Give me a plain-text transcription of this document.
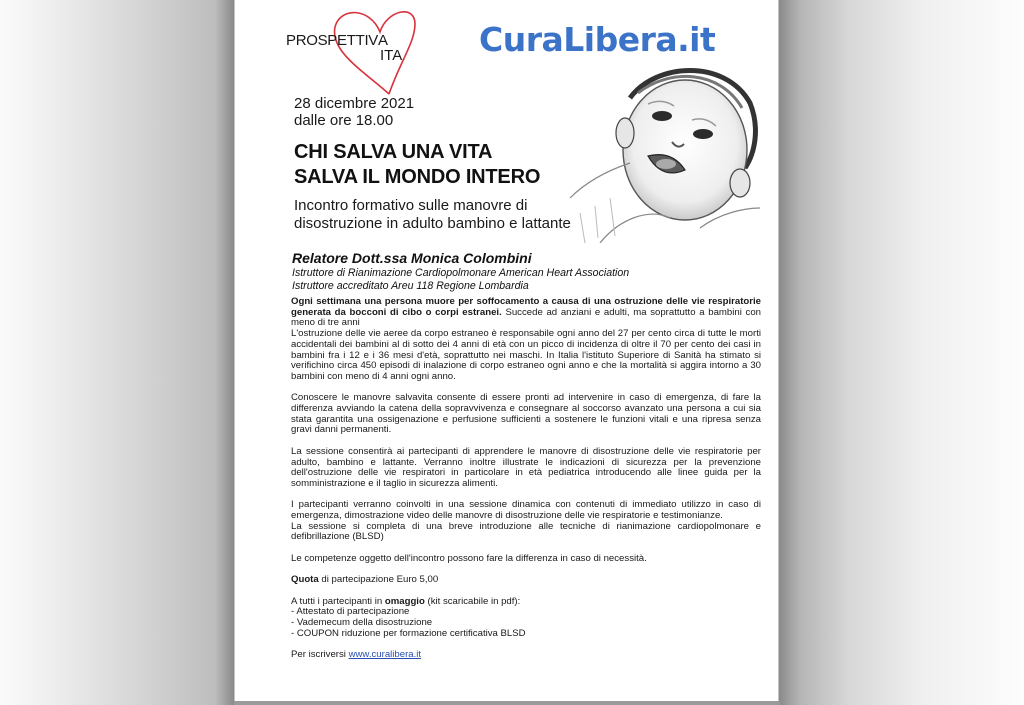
PROSPETTIV A
ITA CuraLibera.it
28 dicembre 2021
dalle ore 18.00
CHI SALVA UNA VITA
SALVA IL MONDO INTERO
Incontro formativo sulle manovre di
disostruzione in adulto bambino e lattante
Relatore Dott.ssa Monica Colombini
Istruttore di Rianimazione Cardiopolmonare American Heart Association
Istruttore accreditato Areu 118 Regione Lombardia

Ogni settimana una persona muore per soffocamento a causa di una ostruzione delle vie respiratorie generata da bocconi di cibo o corpi estranei. Succede ad anziani e adulti, ma soprattutto a bambini con meno di tre anni

L'ostruzione delle vie aeree da corpo estraneo è responsabile ogni anno del 27 per cento circa di tutte le morti accidentali dei bambini al di sotto dei 4 anni di età con un picco di incidenza di oltre il 70 per cento dei casi in bambini fra i 12 e i 36 mesi d'età, soprattutto nei maschi. In Italia l'istituto Superiore di Sanità ha stimato si verifichino circa 450 episodi di inalazione di corpo estraneo ogni anno e che la mortalità si aggira intorno a 30 bambini con meno di 4 anni ogni anno.

Conoscere le manovre salvavita consente di essere pronti ad intervenire in caso di emergenza, di fare la differenza avviando la catena della sopravvivenza e consegnare al soccorso avanzato una persona a cui sia stata garantita una ossigenazione e perfusione sufficienti a sostenere le funzioni vitali e una ripresa senza gravi danni permanenti.

La sessione consentirà ai partecipanti di apprendere le manovre di disostruzione delle vie respiratorie per adulto, bambino e lattante. Verranno inoltre illustrate le indicazioni di sicurezza per la prevenzione dell'ostruzione delle vie respiratori in particolare in età pediatrica introducendo alle linee guida per la somministrazione e il taglio in sicurezza alimenti.

I partecipanti verranno coinvolti in una sessione dinamica con contenuti di immediato utilizzo in caso di emergenza, dimostrazione video delle manovre di disostruzione delle vie respiratorie e testimonianze.

La sessione si completa di una breve introduzione alle tecniche di rianimazione cardiopolmonare e defibrillazione (BLSD)

Le competenze oggetto dell'incontro possono fare la differenza in caso di necessità.

Quota di partecipazione Euro 5,00

A tutti i partecipanti in omaggio (kit scaricabile in pdf):

- Attestato di partecipazione
- Vademecum della disostruzione
- COUPON riduzione per formazione certificativa BLSD

Per iscriversi www.curalibera.it
